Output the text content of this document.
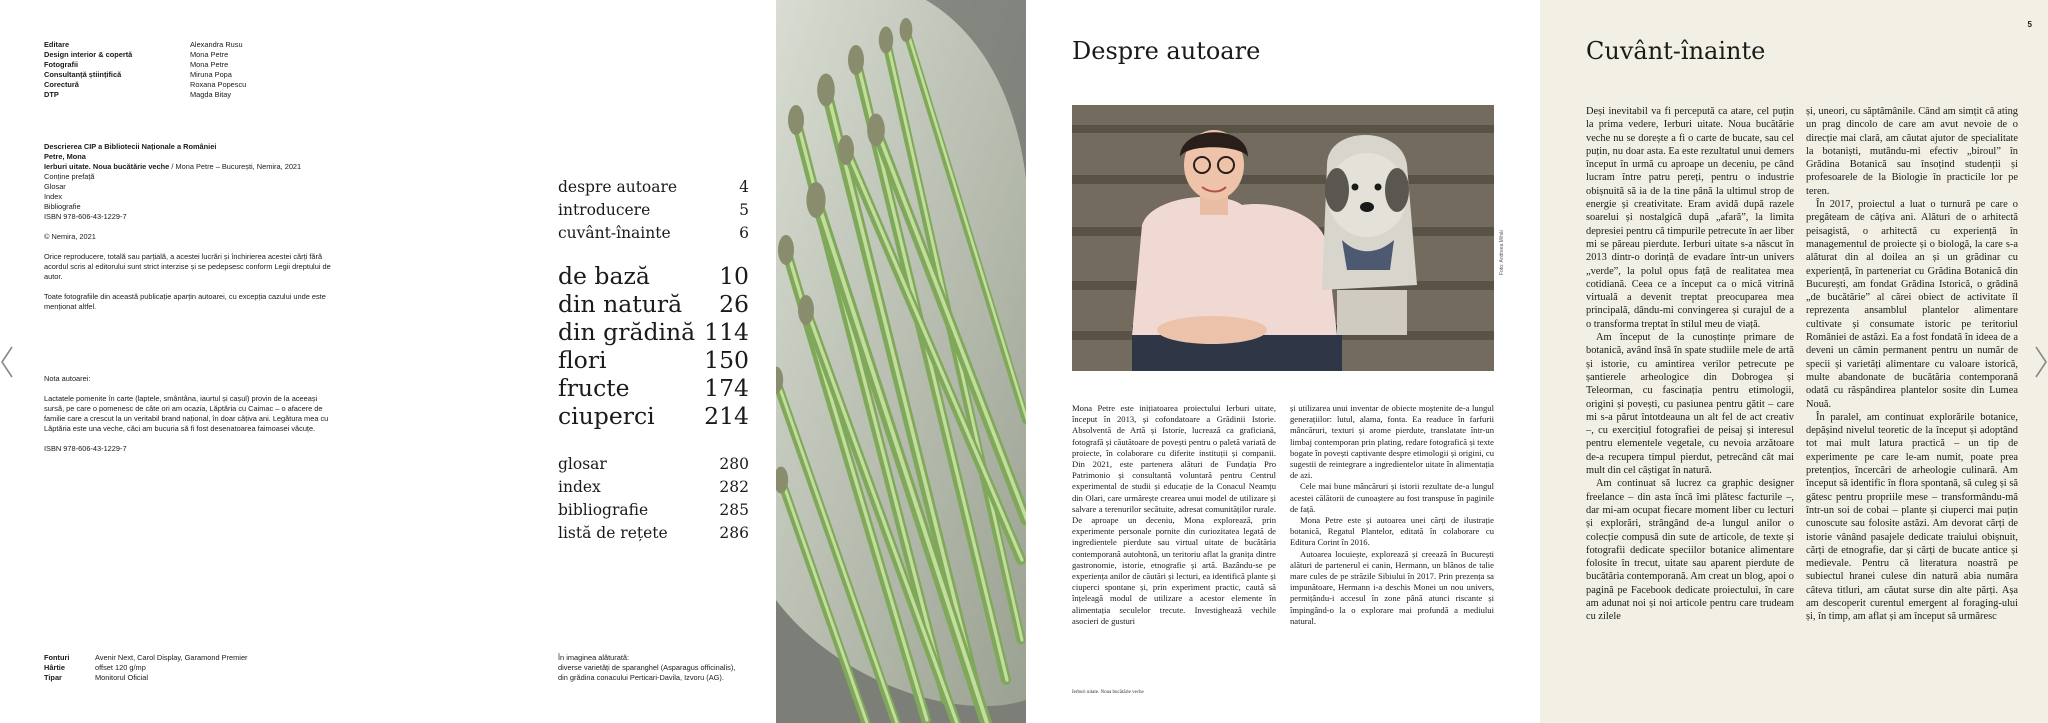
Editare	Alexandra Rusu
Design interior & copertă	Mona Petre
Fotografii	Mona Petre
Consultanță științifică	Miruna Popa
Corectură	Roxana Popescu
DTP	Magda Bitay
Descrierea CIP a Bibliotecii Naționale a României
Petre, Mona
Ierburi uitate. Noua bucătărie veche / Mona Petre – București, Nemira, 2021
Conține prefață
Glosar
Index
Bibliografie
ISBN 978-606-43-1229-7
© Nemira, 2021
Orice reproducere, totală sau parțială, a acestei lucrări și închirierea acestei cărți fără acordul scris al editorului sunt strict interzise și se pedepsesc conform Legii dreptului de autor.
Toate fotografiile din această publicație aparțin autoarei, cu excepția cazului unde este menționat altfel.
Nota autoarei:
Lactatele pomenite în carte (laptele, smântâna, iaurtul și cașul) provin de la aceeași sursă, pe care o pomenesc de câte ori am ocazia, Lăptăria cu Caimac – o afacere de familie care a crescut la un veritabil brand național, în doar câțiva ani. Legătura mea cu Lăptăria este una veche, căci am bucuria să fi fost desenatoarea faimoasei văcuțe.
ISBN 978-606-43-1229-7
Fonturi	Avenir Next, Carol Display, Garamond Premier
Hârtie	offset 120 g/mp
Tipar	Monitorul Oficial
despre autoare	4
introducere	5
cuvânt-înainte	6
de bază	10
din natură 26
din grădină 114
flori	150
fructe	174
ciuperci 214
glosar	280
index	282
bibliografie	285
listă de rețete	286
În imaginea alăturată:
diverse varietăți de sparanghel (Asparagus officinalis),
din grădina conacului Perticari-Davila, Izvoru (AG).
Despre autoare
Foto: Andreea Mihăi

Mona Petre este inițiatoarea proiectului Ierburi uitate, început în 2013, și cofondatoare a Grădinii Istorie. Absolventă de Artă și Istorie, lucrează ca graficiană, fotografă și căutătoare de povești pentru o paletă variată de proiecte, în colaborare cu diferite instituții și companii. Din 2021, este partenera alături de Fundația Pro Patrimonio și consultantă voluntară pentru Centrul experimental de studii și educație de la Conacul Neamțu din Olari, care urmărește crearea unui model de utilizare și salvare a terenurilor secătuite, adresat comunităților rurale. De aproape un deceniu, Mona explorează, prin experimente personale pornite din curiozitatea legată de ingredientele pierdute sau virtual uitate de bucătăria contemporană autohtonă, un teritoriu aflat la granița dintre gastronomie, istorie, etnografie și artă. Bazându-se pe experiența anilor de căutări și lecturi, ea identifică plante și ciuperci spontane și, prin experiment practic, caută să înțeleagă modul de utilizare a acestor elemente în alimentația seculelor trecute. Investighează vechile asocieri de gusturi

și utilizarea unui inventar de obiecte moștenite de-a lungul generațiilor: lutul, alama, fonta. Ea readuce în farfurii mâncăruri, texturi și arome pierdute, translatate într-un limbaj contemporan prin plating, redare fotografică și texte bogate în povești captivante despre etimologii și origini, cu sugestii de reintegrare a ingredientelor uitate în alimentația de azi.

Cele mai bune mâncăruri și istorii rezultate de-a lungul acestei călătorii de cunoaștere au fost transpuse în paginile de față.

Mona Petre este și autoarea unei cărți de ilustrație botanică, Regatul Plantelor, editată în colaborare cu Editura Corint în 2016.

Autoarea locuiește, explorează și creează în București alături de partenerul ei canin, Hermann, un blănos de talie mare cules de pe străzile Sibiului în 2017. Prin prezența sa impunătoare, Hermann i-a deschis Monei un nou univers, permițându-i accesul în zone până atunci riscante și împingând-o la o explorare mai profundă a mediului natural.

Ierburi uitate. Noua bucătărie veche
5
Cuvânt-înainte

Deși inevitabil va fi percepută ca atare, cel puțin la prima vedere, Ierburi uitate. Noua bucătărie veche nu se dorește a fi o carte de bucate, sau cel puțin, nu doar asta. Ea este rezultatul unui demers început în urmă cu aproape un deceniu, pe când lucram între patru pereți, pentru o industrie obișnuită să ia de la tine până la ultimul strop de energie și creativitate. Eram avidă după razele soarelui și nostalgică după „afară”, la limita depresiei pentru că timpurile petrecute în aer liber mi se păreau pierdute. Ierburi uitate s-a născut în 2013 dintr-o dorință de evadare într-un univers „verde”, la polul opus față de realitatea mea cotidiană. Ceea ce a început ca o mică vitrină virtuală a devenit treptat preocuparea mea principală, dându-mi convingerea și curajul de a o transforma treptat în stilul meu de viață.

Am început de la cunoștințe primare de botanică, având însă în spate studiile mele de artă și istorie, cu amintirea verilor petrecute pe șantierele arheologice din Dobrogea și Teleorman, cu fascinația pentru etimologii, origini și povești, cu pasiunea pentru gătit – care mi s-a părut întotdeauna un alt fel de act creativ –, cu exercițiul fotografiei de peisaj și interesul pentru elementele vegetale, cu nevoia arzătoare de-a recupera timpul pierdut, petrecând cât mai mult din cel câștigat în natură.

Am continuat să lucrez ca graphic designer freelance – din asta încă îmi plătesc facturile –, dar mi-am ocupat fiecare moment liber cu lecturi și explorări, strângând de-a lungul anilor o colecție compusă din sute de articole, de texte și fotografii dedicate speciilor botanice alimentare folosite în trecut, uitate sau aparent pierdute de bucătăria contemporană. Am creat un blog, apoi o pagină pe Facebook dedicate proiectului, în care am adunat noi și noi articole pentru care trudeam cu zilele

și, uneori, cu săptămânile. Când am simțit că ating un prag dincolo de care am avut nevoie de o direcție mai clară, am căutat ajutor de specialitate la botaniști, mutându-mi efectiv „biroul” în Grădina Botanică sau însoțind studenții și profesoarele de la Biologie în practicile lor pe teren.

În 2017, proiectul a luat o turnură pe care o pregăteam de câțiva ani. Alături de o arhitectă peisagistă, o arhitectă cu experiență în managementul de proiecte și o biologă, la care s-a alăturat din al doilea an și un grădinar cu experiență, în parteneriat cu Grădina Botanică din București, am fondat Grădina Istorică, o grădină „de bucătărie” al cărei obiect de activitate îl reprezenta ansamblul plantelor alimentare cultivate și consumate istoric pe teritoriul României de astăzi. Ea a fost fondată în ideea de a deveni un cămin permanent pentru un număr de specii și varietăți alimentare cu valoare istorică, multe abandonate de bucătăria contemporană odată cu răspândirea plantelor sosite din Lumea Nouă.

În paralel, am continuat explorările botanice, depășind nivelul teoretic de la început și adoptând tot mai mult latura practică – un tip de experimente pe care le-am numit, poate prea pretențios, încercări de arheologie culinară. Am început să identific în flora spontană, să culeg și să gătesc pentru propriile mese – transformându-mă într-un soi de cobai – plante și ciuperci mai puțin cunoscute sau folosite astăzi. Am devorat cărți de istorie vânând pasajele dedicate traiului obișnuit, cărți de etnografie, dar și cărți de bucate antice și medievale. Pentru că literatura noastră pe subiectul hranei culese din natură abia număra câteva titluri, am căutat surse din alte părți. Așa am descoperit curentul emergent al foraging-ului și, în timp, am aflat și am început să urmăresc
